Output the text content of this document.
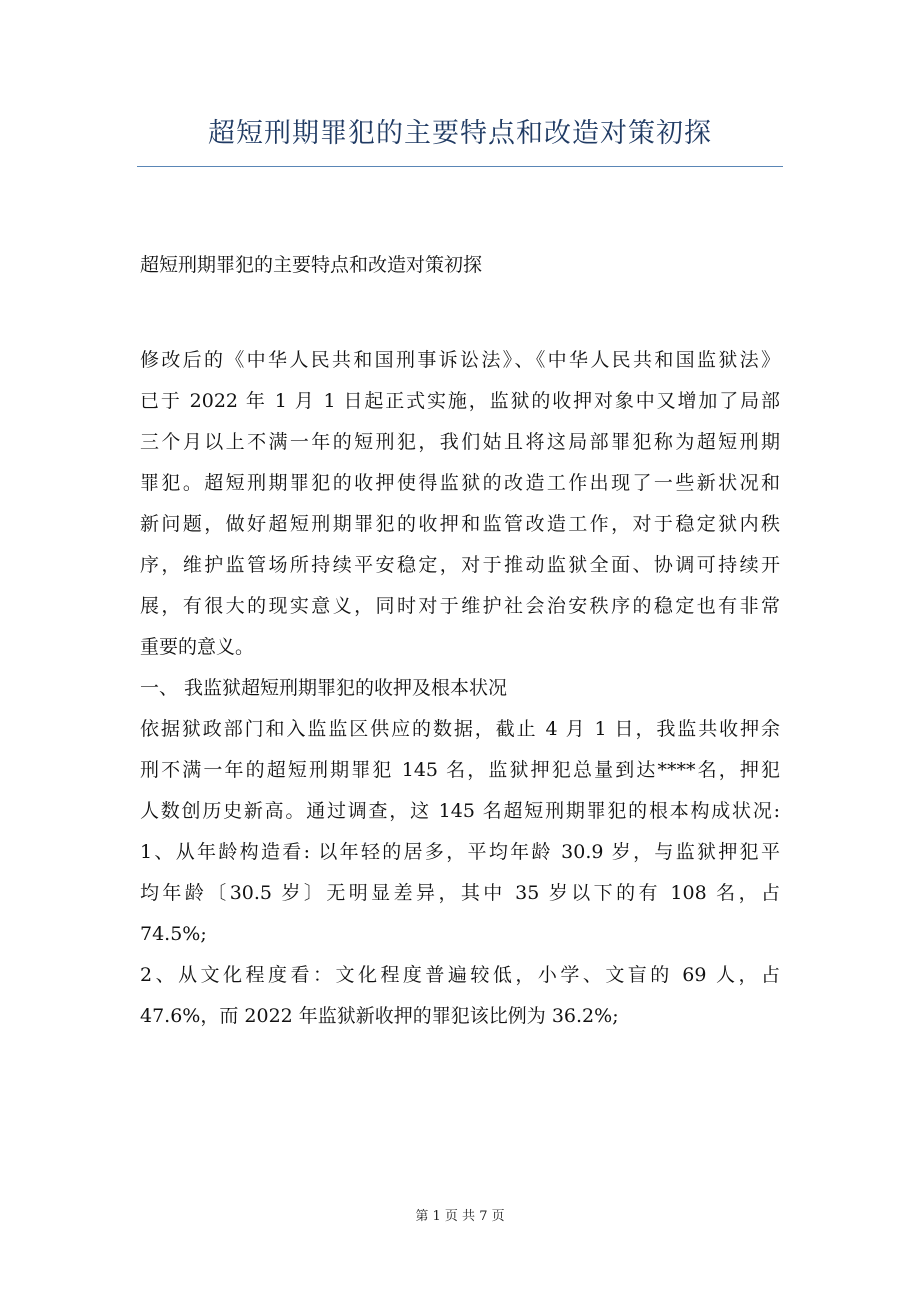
超短刑期罪犯的主要特点和改造对策初探
超短刑期罪犯的主要特点和改造对策初探
修改后的《中华人民共和国刑事诉讼法》、《中华人民共和国监狱法》
已于 2022 年 1 月 1 日起正式实施，监狱的收押对象中又增加了局部
三个月以上不满一年的短刑犯，我们姑且将这局部罪犯称为超短刑期
罪犯。超短刑期罪犯的收押使得监狱的改造工作出现了一些新状况和
新问题，做好超短刑期罪犯的收押和监管改造工作，对于稳定狱内秩
序，维护监管场所持续平安稳定，对于推动监狱全面、协调可持续开
展，有很大的现实意义，同时对于维护社会治安秩序的稳定也有非常
重要的意义。
一、 我监狱超短刑期罪犯的收押及根本状况
依据狱政部门和入监监区供应的数据，截止 4 月 1 日，我监共收押余
刑不满一年的超短刑期罪犯 145 名，监狱押犯总量到达****名，押犯
人数创历史新高。通过调查，这 145 名超短刑期罪犯的根本构成状况:
1、从年龄构造看: 以年轻的居多，平均年龄 30.9 岁，与监狱押犯平
均年龄〔30.5 岁〕无明显差异，其中 35 岁以下的有 108 名，占
74.5%;
2、从文化程度看：文化程度普遍较低，小学、文盲的 69 人，占
47.6%，而 2022 年监狱新收押的罪犯该比例为 36.2%;
第 1 页 共 7 页
